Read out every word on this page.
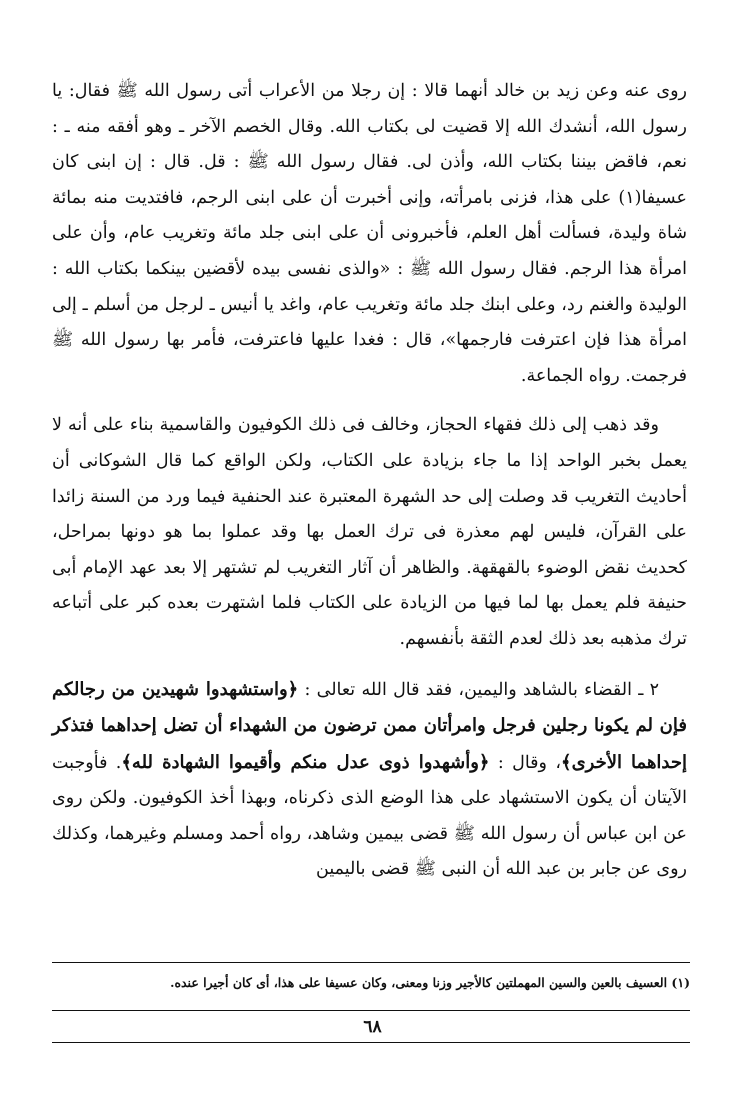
روى عنه وعن زيد بن خالد أنهما قالا : إن رجلا من الأعراب أتى رسول الله ﷺ فقال: يا رسول الله، أنشدك الله إلا قضيت لى بكتاب الله. وقال الخصم الآخر ـ وهو أفقه منه ـ : نعم، فاقض بيننا بكتاب الله، وأذن لى. فقال رسول الله ﷺ : قل. قال : إن ابنى كان عسيفا(١) على هذا، فزنى بامرأته، وإنى أخبرت أن على ابنى الرجم، فافتديت منه بمائة شاة وليدة، فسألت أهل العلم، فأخبرونى أن على ابنى جلد مائة وتغريب عام، وأن على امرأة هذا الرجم. فقال رسول الله ﷺ : «والذى نفسى بيده لأقضين بينكما بكتاب الله : الوليدة والغنم رد، وعلى ابنك جلد مائة وتغريب عام، واغد يا أنيس ـ لرجل من أسلم ـ إلى امرأة هذا فإن اعترفت فارجمها»، قال : فغدا عليها فاعترفت، فأمر بها رسول الله ﷺ فرجمت. رواه الجماعة.

وقد ذهب إلى ذلك فقهاء الحجاز، وخالف فى ذلك الكوفيون والقاسمية بناء على أنه لا يعمل بخبر الواحد إذا ما جاء بزيادة على الكتاب، ولكن الواقع كما قال الشوكانى أن أحاديث التغريب قد وصلت إلى حد الشهرة المعتبرة عند الحنفية فيما ورد من السنة زائدا على القرآن، فليس لهم معذرة فى ترك العمل بها وقد عملوا بما هو دونها بمراحل، كحديث نقض الوضوء بالقهقهة. والظاهر أن آثار التغريب لم تشتهر إلا بعد عهد الإمام أبى حنيفة فلم يعمل بها لما فيها من الزيادة على الكتاب فلما اشتهرت بعده كبر على أتباعه ترك مذهبه بعد ذلك لعدم الثقة بأنفسهم.

٢ ـ القضاء بالشاهد واليمين، فقد قال الله تعالى : ﴿واستشهدوا شهيدين من رجالكم فإن لم يكونا رجلين فرجل وامرأتان ممن ترضون من الشهداء أن تضل إحداهما فتذكر إحداهما الأخرى﴾، وقال : ﴿وأشهدوا ذوى عدل منكم وأقيموا الشهادة لله﴾. فأوجبت الآيتان أن يكون الاستشهاد على هذا الوضع الذى ذكرناه، وبهذا أخذ الكوفيون. ولكن روى عن ابن عباس أن رسول الله ﷺ قضى بيمين وشاهد، رواه أحمد ومسلم وغيرهما، وكذلك روى عن جابر بن عبد الله أن النبى ﷺ قضى باليمين

(١) العسيف بالعين والسين المهملتين كالأجير وزنا ومعنى، وكان عسيفا على هذا، أى كان أجيرا عنده.

٦٨
